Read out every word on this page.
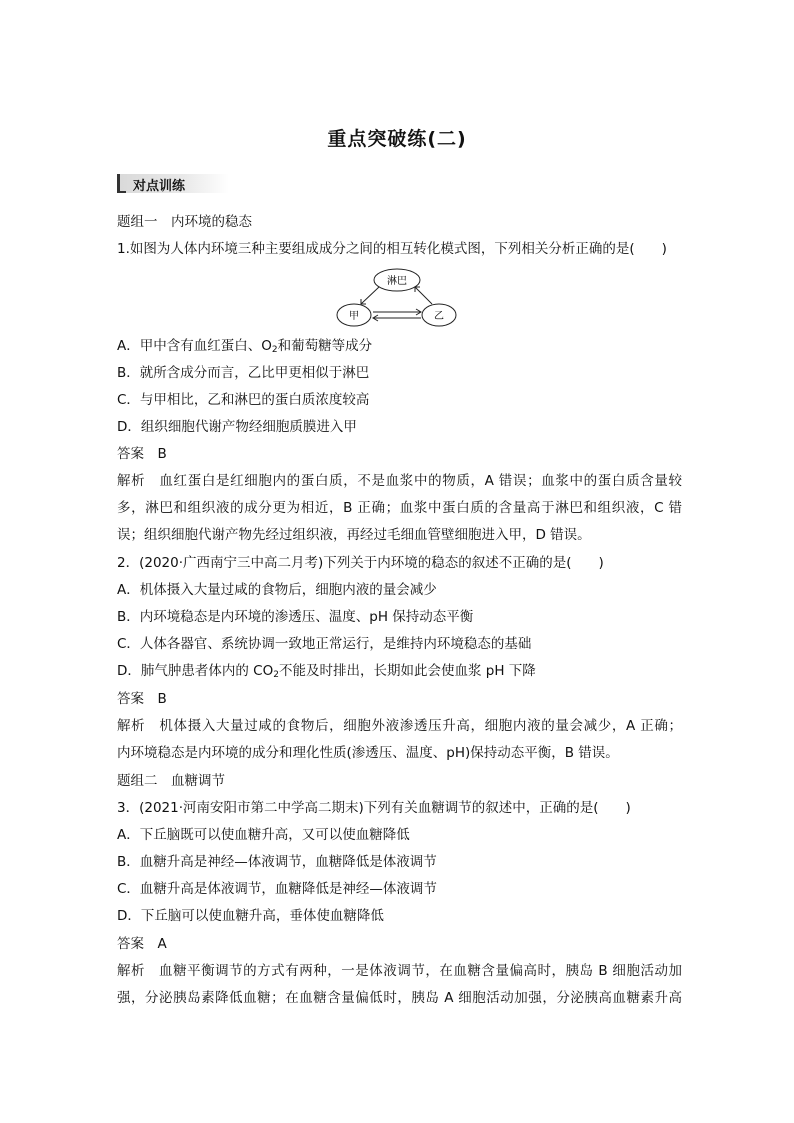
重点突破练(二)
对点训练
题组一　内环境的稳态
1.如图为人体内环境三种主要组成成分之间的相互转化模式图，下列相关分析正确的是(　　)
淋巴
甲	乙
A．甲中含有血红蛋白、$O_2$和葡萄糖等成分
B．就所含成分而言，乙比甲更相似于淋巴
C．与甲相比，乙和淋巴的蛋白质浓度较高
D．组织细胞代谢产物经细胞质膜进入甲
答案　B
解析　血红蛋白是红细胞内的蛋白质，不是血浆中的物质，A 错误；血浆中的蛋白质含量较
多，淋巴和组织液的成分更为相近，B 正确；血浆中蛋白质的含量高于淋巴和组织液，C 错
误；组织细胞代谢产物先经过组织液，再经过毛细血管壁细胞进入甲，D 错误。
2．(2020·广西南宁三中高二月考)下列关于内环境的稳态的叙述不正确的是(　　)
A．机体摄入大量过咸的食物后，细胞内液的量会减少
B．内环境稳态是内环境的渗透压、温度、pH 保持动态平衡
C．人体各器官、系统协调一致地正常运行，是维持内环境稳态的基础
D．肺气肿患者体内的 $CO_2$不能及时排出，长期如此会使血浆 pH 下降
答案　B
解析　机体摄入大量过咸的食物后，细胞外液渗透压升高，细胞内液的量会减少，A 正确；
内环境稳态是内环境的成分和理化性质(渗透压、温度、pH)保持动态平衡，B 错误。
题组二　血糖调节
3．(2021·河南安阳市第二中学高二期末)下列有关血糖调节的叙述中，正确的是(　　)
A．下丘脑既可以使血糖升高，又可以使血糖降低
B．血糖升高是神经—体液调节，血糖降低是体液调节
C．血糖升高是体液调节，血糖降低是神经—体液调节
D．下丘脑可以使血糖升高，垂体使血糖降低
答案　A
解析　血糖平衡调节的方式有两种，一是体液调节，在血糖含量偏高时，胰岛 B 细胞活动加
强，分泌胰岛素降低血糖；在血糖含量偏低时，胰岛 A 细胞活动加强，分泌胰高血糖素升高
